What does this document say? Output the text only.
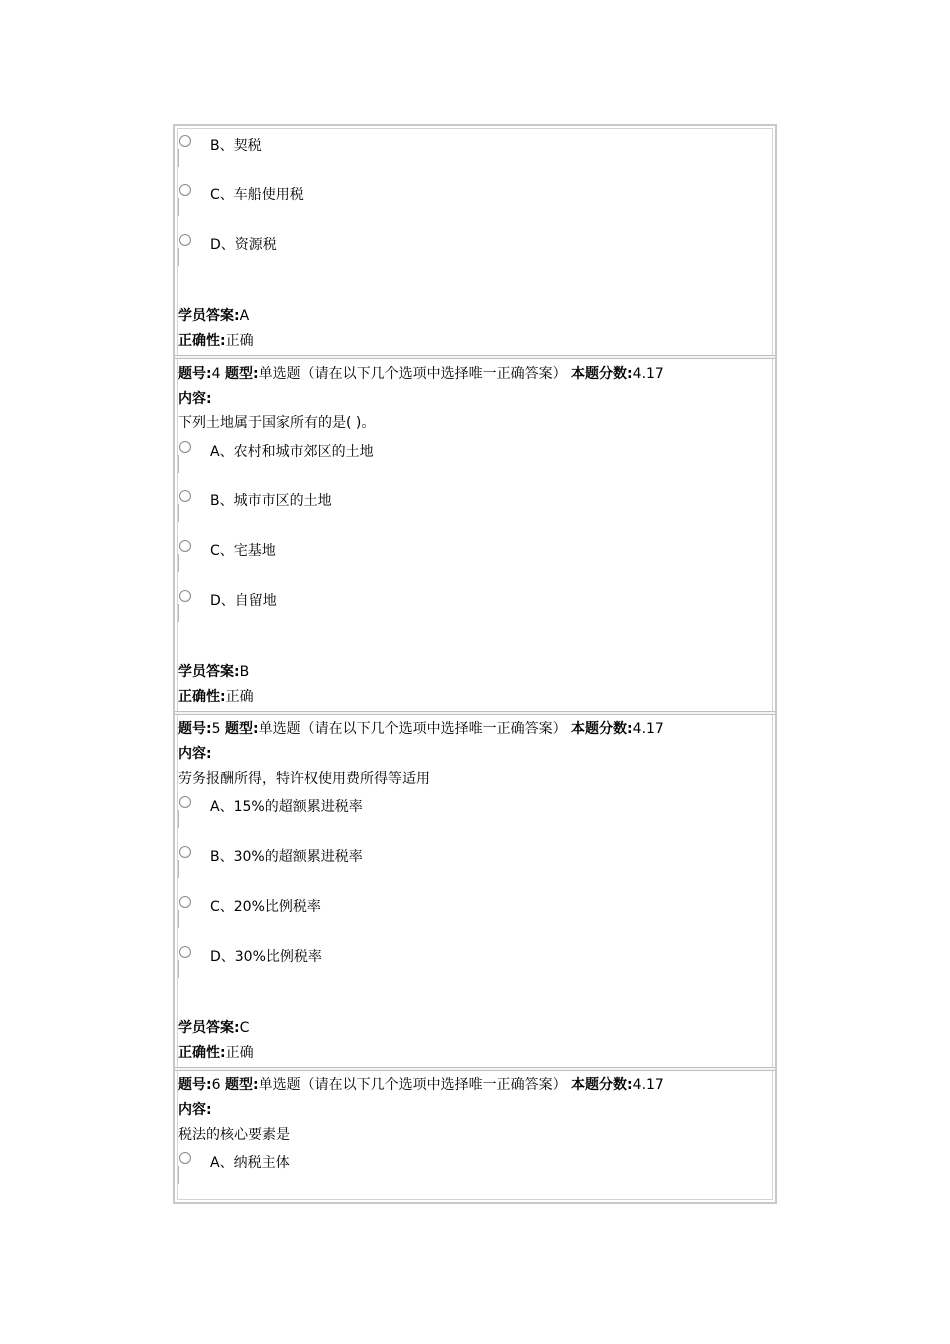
B、契税
C、车船使用税
D、资源税
学员答案:A
正确性:正确
题号:4 题型:单选题（请在以下几个选项中选择唯一正确答案） 本题分数:4.17
内容:
下列土地属于国家所有的是( )。
A、农村和城市郊区的土地
B、城市市区的土地
C、宅基地
D、自留地
学员答案:B
正确性:正确
题号:5 题型:单选题（请在以下几个选项中选择唯一正确答案） 本题分数:4.17
内容:
劳务报酬所得，特许权使用费所得等适用
A、15%的超额累进税率
B、30%的超额累进税率
C、20%比例税率
D、30%比例税率
学员答案:C
正确性:正确
题号:6 题型:单选题（请在以下几个选项中选择唯一正确答案） 本题分数:4.17
内容:
税法的核心要素是
A、纳税主体
